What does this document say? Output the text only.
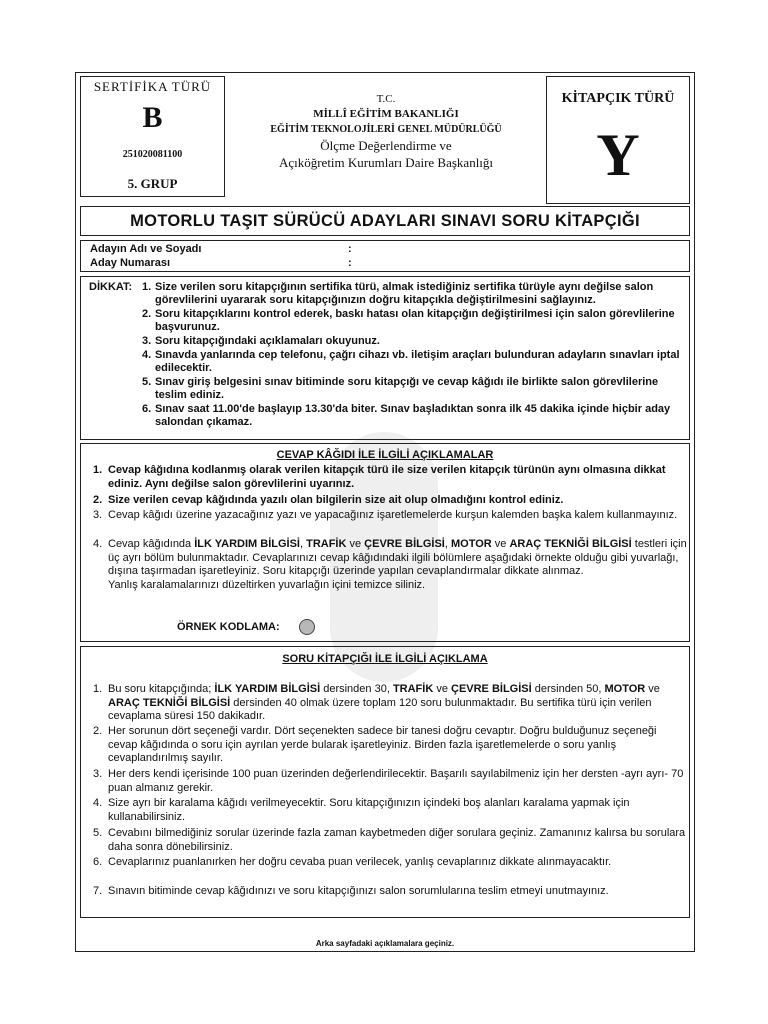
SERTİFİKA TÜRÜ
B
251020081100
5. GRUP
T.C.
MİLLÎ EĞİTİM BAKANLIĞI
EĞİTİM TEKNOLOJİLERİ GENEL MÜDÜRLÜĞÜ
Ölçme Değerlendirme ve
Açıköğretim Kurumları Daire Başkanlığı
KİTAPÇIK TÜRÜ
Y
MOTORLU TAŞIT SÜRÜCÜ ADAYLARI SINAVI SORU KİTAPÇIĞI
Adayın Adı ve Soyadı	:
Aday Numarası	:
DİKKAT: 1. Size verilen soru kitapçığının sertifika türü, almak istediğiniz sertifika türüyle aynı değilse salon görevlilerini uyararak soru kitapçığınızın doğru kitapçıkla değiştirilmesini sağlayınız.
2. Soru kitapçıklarını kontrol ederek, baskı hatası olan kitapçığın değiştirilmesi için salon görevlilerine başvurunuz.
3. Soru kitapçığındaki açıklamaları okuyunuz.
4. Sınavda yanlarında cep telefonu, çağrı cihazı vb. iletişim araçları bulunduran adayların sınavları iptal edilecektir.
5. Sınav giriş belgesini sınav bitiminde soru kitapçığı ve cevap kâğıdı ile birlikte salon görevlilerine teslim ediniz.
6. Sınav saat 11.00'de başlayıp 13.30'da biter. Sınav başladıktan sonra ilk 45 dakika içinde hiçbir aday salondan çıkamaz.
CEVAP KÂĞIDI İLE İLGİLİ AÇIKLAMALAR
1. Cevap kâğıdına kodlanmış olarak verilen kitapçık türü ile size verilen kitapçık türünün aynı olmasına dikkat ediniz. Aynı değilse salon görevlilerini uyarınız.
2. Size verilen cevap kâğıdında yazılı olan bilgilerin size ait olup olmadığını kontrol ediniz.
3. Cevap kâğıdı üzerine yazacağınız yazı ve yapacağınız işaretlemelerde kurşun kalemden başka kalem kullanmayınız.
4. Cevap kâğıdında İLK YARDIM BİLGİSİ, TRAFİK ve ÇEVRE BİLGİSİ, MOTOR ve ARAÇ TEKNİĞİ BİLGİSİ testleri için üç ayrı bölüm bulunmaktadır. Cevaplarınızı cevap kâğıdındaki ilgili bölümlere aşağıdaki örnekte olduğu gibi yuvarlağı, dışına taşırmadan işaretleyiniz. Soru kitapçığı üzerinde yapılan cevaplandırmalar dikkate alınmaz.
Yanlış karalamalarınızı düzeltirken yuvarlağın içini temizce siliniz.
ÖRNEK KODLAMA:
SORU KİTAPÇIĞI İLE İLGİLİ AÇIKLAMA
1. Bu soru kitapçığında; İLK YARDIM BİLGİSİ dersinden 30, TRAFİK ve ÇEVRE BİLGİSİ dersinden 50, MOTOR ve ARAÇ TEKNİĞİ BİLGİSİ dersinden 40 olmak üzere toplam 120 soru bulunmaktadır. Bu sertifika türü için verilen cevaplama süresi 150 dakikadır.
2. Her sorunun dört seçeneği vardır. Dört seçenekten sadece bir tanesi doğru cevaptır. Doğru bulduğunuz seçeneği cevap kâğıdında o soru için ayrılan yerde bularak işaretleyiniz. Birden fazla işaretlemelerde o soru yanlış cevaplandırılmış sayılır.
3. Her ders kendi içerisinde 100 puan üzerinden değerlendirilecektir. Başarılı sayılabilmeniz için her dersten -ayrı ayrı- 70 puan almanız gerekir.
4. Size ayrı bir karalama kâğıdı verilmeyecektir. Soru kitapçığınızın içindeki boş alanları karalama yapmak için kullanabilirsiniz.
5. Cevabını bilmediğiniz sorular üzerinde fazla zaman kaybetmeden diğer sorulara geçiniz. Zamanınız kalırsa bu sorulara daha sonra dönebilirsiniz.
6. Cevaplarınız puanlanırken her doğru cevaba puan verilecek, yanlış cevaplarınız dikkate alınmayacaktır.
7. Sınavın bitiminde cevap kâğıdınızı ve soru kitapçığınızı salon sorumlularına teslim etmeyi unutmayınız.
Arka sayfadaki açıklamalara geçiniz.
